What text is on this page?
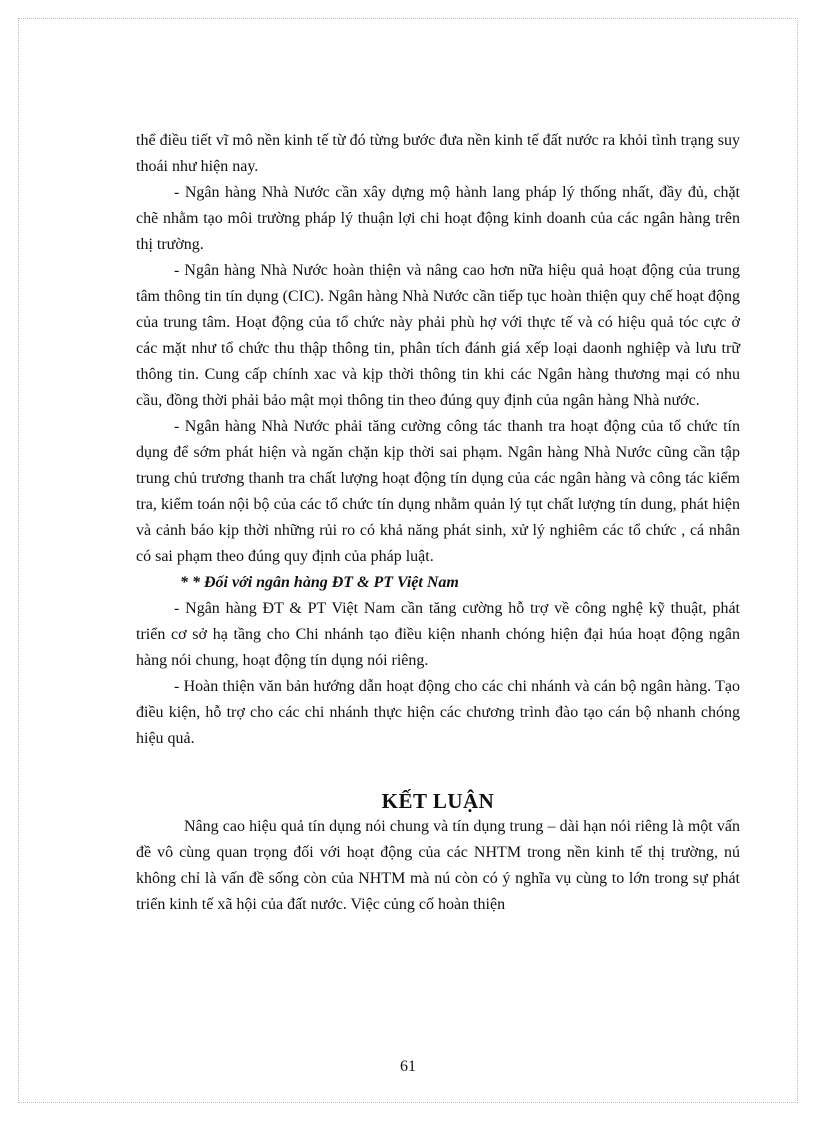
thể điều tiết vĩ mô nền kinh tế từ đó từng bước đưa nền kinh tế đất nước ra khỏi tình trạng suy thoái như hiện nay.

- Ngân hàng Nhà Nước cần xây dựng mộ hành lang pháp lý thống nhất, đầy đủ, chặt chẽ nhằm tạo môi trường pháp lý thuận lợi chi hoạt động kinh doanh của các ngân hàng trên thị trường.

- Ngân hàng Nhà Nước hoàn thiện và nâng cao hơn nữa hiệu quả hoạt động của trung tâm thông tin tín dụng (CIC). Ngân hàng Nhà Nước cần tiếp tục hoàn thiện quy chế hoạt động của trung tâm. Hoạt động của tổ chức này phải phù hợ với thực tế và có hiệu quả tóc cực ở các mặt như tổ chức thu thập thông tin, phân tích đánh giá xếp loại daonh nghiệp và lưu trữ thông tin. Cung cấp chính xac và kịp thời thông tin khi các Ngân hàng thương mại có nhu cầu, đồng thời phải bảo mật mọi thông tin theo đúng quy định của ngân hàng Nhà nước.

- Ngân hàng Nhà Nước phải tăng cường công tác thanh tra hoạt động của tổ chức tín dụng để sớm phát hiện và ngăn chặn kịp thời sai phạm. Ngân hàng Nhà Nước cũng cần tập trung chủ trương thanh tra chất lượng hoạt động tín dụng của các ngân hàng và công tác kiểm tra, kiểm toán nội bộ của các tổ chức tín dụng nhằm quản lý tụt chất lượng tín dung, phát hiện và cảnh báo kịp thời những rủi ro có khả năng phát sinh, xử lý nghiêm các tổ chức , cá nhân có sai phạm theo đúng quy định của pháp luật.

* * Đối với ngân hàng ĐT & PT Việt Nam

- Ngân hàng ĐT & PT Việt Nam cần tăng cường hỗ trợ về công nghệ kỹ thuật, phát triển cơ sở hạ tầng cho Chi nhánh tạo điều kiện nhanh chóng hiện đại húa hoạt động ngân hàng nói chung, hoạt động tín dụng nói riêng.

- Hoàn thiện văn bản hướng dẫn hoạt động cho các chi nhánh và cán bộ ngân hàng. Tạo điều kiện, hỗ trợ cho các chi nhánh thực hiện các chương trình đào tạo cán bộ nhanh chóng hiệu quả.

KẾT LUẬN

Nâng cao hiệu quả tín dụng nói chung và tín dụng trung – dài hạn nói riêng là một vấn đề vô cùng quan trọng đối với hoạt động của các NHTM trong nền kinh tế thị trường, nú không chỉ là vấn đề sống còn của NHTM mà nú còn có ý nghĩa vụ cùng to lớn trong sự phát triển kinh tế xã hội của đất nước. Việc củng cố hoàn thiện

61
